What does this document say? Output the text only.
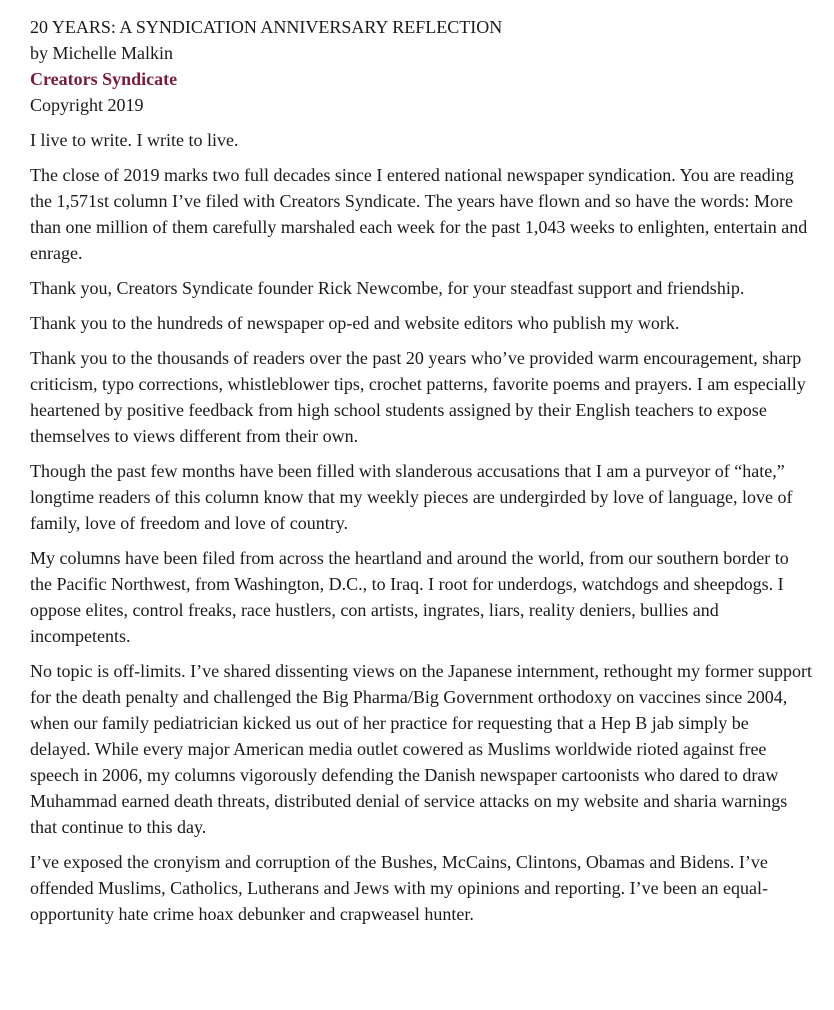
20 YEARS: A SYNDICATION ANNIVERSARY REFLECTION

by Michelle Malkin

Creators Syndicate

Copyright 2019

I live to write. I write to live.

The close of 2019 marks two full decades since I entered national newspaper syndication. You are reading the 1,571st column I’ve filed with Creators Syndicate. The years have flown and so have the words: More than one million of them carefully marshaled each week for the past 1,043 weeks to enlighten, entertain and enrage.

Thank you, Creators Syndicate founder Rick Newcombe, for your steadfast support and friendship.

Thank you to the hundreds of newspaper op-ed and website editors who publish my work.

Thank you to the thousands of readers over the past 20 years who’ve provided warm encouragement, sharp criticism, typo corrections, whistleblower tips, crochet patterns, favorite poems and prayers. I am especially heartened by positive feedback from high school students assigned by their English teachers to expose themselves to views different from their own.

Though the past few months have been filled with slanderous accusations that I am a purveyor of “hate,” longtime readers of this column know that my weekly pieces are undergirded by love of language, love of family, love of freedom and love of country.

My columns have been filed from across the heartland and around the world, from our southern border to the Pacific Northwest, from Washington, D.C., to Iraq. I root for underdogs, watchdogs and sheepdogs. I oppose elites, control freaks, race hustlers, con artists, ingrates, liars, reality deniers, bullies and incompetents.

No topic is off-limits. I’ve shared dissenting views on the Japanese internment, rethought my former support for the death penalty and challenged the Big Pharma/Big Government orthodoxy on vaccines since 2004, when our family pediatrician kicked us out of her practice for requesting that a Hep B jab simply be delayed. While every major American media outlet cowered as Muslims worldwide rioted against free speech in 2006, my columns vigorously defending the Danish newspaper cartoonists who dared to draw Muhammad earned death threats, distributed denial of service attacks on my website and sharia warnings that continue to this day.

I’ve exposed the cronyism and corruption of the Bushes, McCains, Clintons, Obamas and Bidens. I’ve offended Muslims, Catholics, Lutherans and Jews with my opinions and reporting. I’ve been an equal-opportunity hate crime hoax debunker and crapweasel hunter.
